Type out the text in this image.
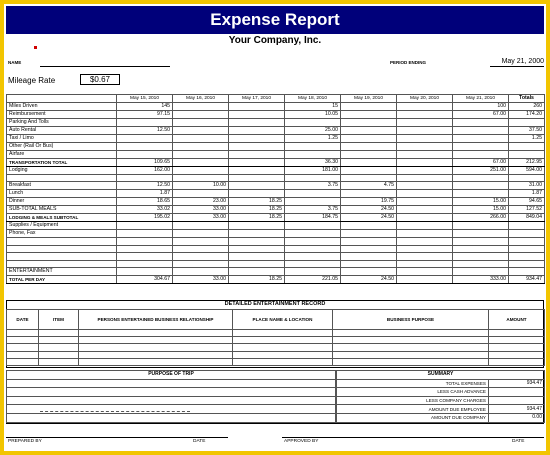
Expense Report
Your Company, Inc.
NAME	PERIOD ENDING	May 21, 2000
Mileage Rate	$0.67
	May 15, 2010	May 16, 2010	May 17, 2010	May 18, 2010	May 19, 2010	May 20, 2010	May 21, 2010	Totals
Miles Driven	145			15			100	260
Reimbursement	97.15			10.05			67.00	174.20
Parking And Tolls								
Auto Rental	12.50			25.00				37.50
Taxi / Limo				1.25				1.25
Other (Rail Or Bus)								
Airfare								
TRANSPORTATION TOTAL	109.65			36.30			67.00	212.95
Lodging	162.00			181.00			251.00	594.00

Breakfast	12.50	10.00		3.75	4.75			31.00
Lunch	1.87							1.87
Dinner	18.65	23.00	18.25		19.75		15.00	94.65
SUB-TOTAL MEALS	33.02	33.00	18.25	3.75	24.50		15.00	127.52
LODGING & MEALS SUBTOTAL	195.02	33.00	18.25	184.75	24.50		266.00	849.04
Supplies / Equipment								
Phone, Fax								

ENTERTAINMENT								
TOTAL PER DAY	304.67	33.00	18.25	221.05	24.50		333.00	934.47
DETAILED ENTERTAINMENT RECORD
DATE	ITEM	PERSONS ENTERTAINED BUSINESS RELATIONSHIP	PLACE NAME & LOCATION	BUSINESS PURPOSE	AMOUNT

PURPOSE OF TRIP	SUMMARY	
TOTAL EXPENSES	934.47
LESS CASH ADVANCE	
LESS COMPANY CHARGES	
AMOUNT DUE EMPLOYEE	934.47
AMOUNT DUE COMPANY	0.00
PREPARED BY	DATE	APPROVED BY	DATE
